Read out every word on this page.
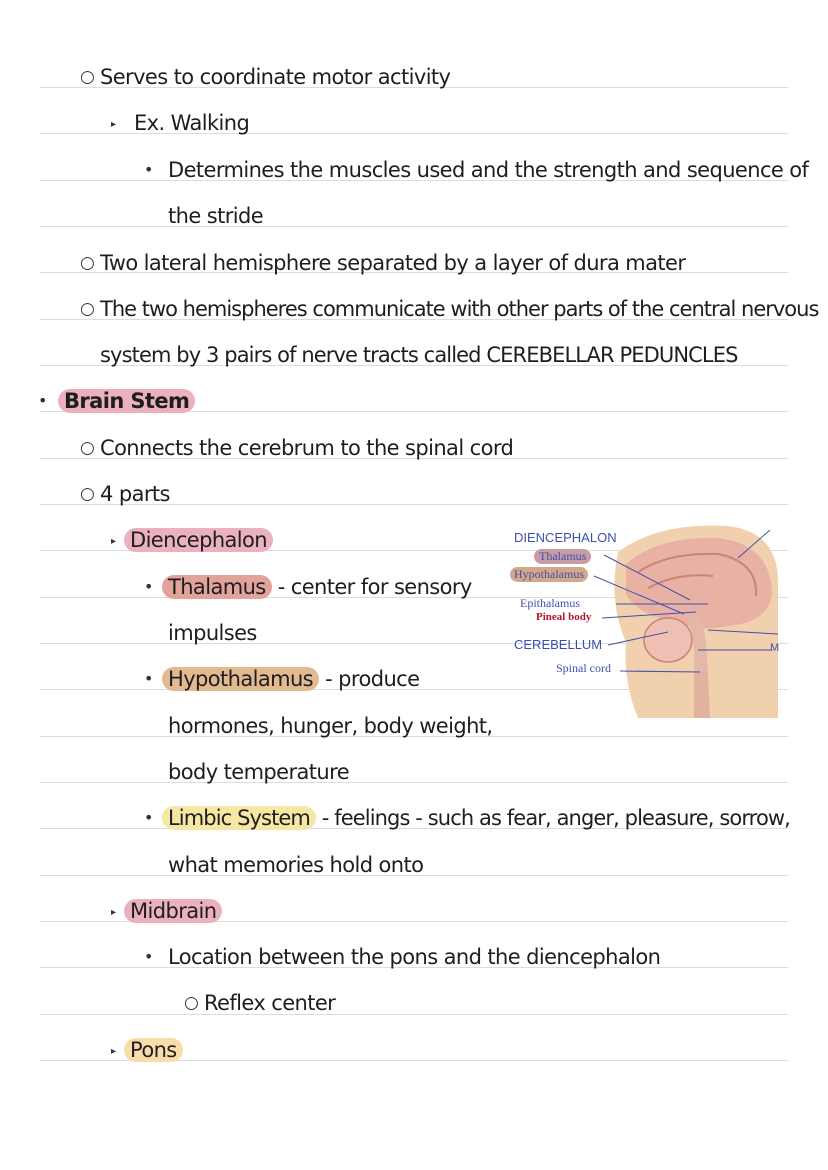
○ Serves to coordinate motor activity
▸ Ex. Walking
• Determines the muscles used and the strength and sequence of
the stride
○ Two lateral hemisphere separated by a layer of dura mater
○ The two hemispheres communicate with other parts of the central nervous
system by 3 pairs of nerve tracts called CEREBELLAR PEDUNCLES
• Brain Stem
○ Connects the cerebrum to the spinal cord
○ 4 parts
▸ Diencephalon
• Thalamus - center for sensory
impulses
• Hypothalamus - produce
hormones, hunger, body weight,
body temperature
• Limbic System - feelings - such as fear, anger, pleasure, sorrow,
what memories hold onto
▸ Midbrain
• Location between the pons and the diencephalon
○ Reflex center
▸ Pons
DIENCEPHALON
Thalamus
Hypothalamus
Epithalamus
Pineal body
CEREBELLUM
Spinal cord
M
